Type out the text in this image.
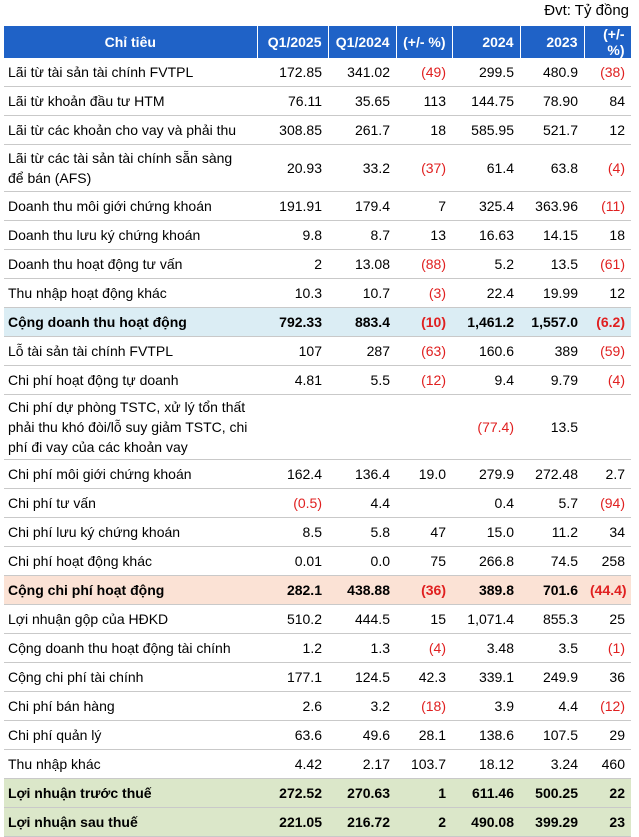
Đvt: Tỷ đồng
Chỉ tiêu	Q1/2025	Q1/2024	(+/- %)	2024	2023	(+/- %)
Lãi từ tài sản tài chính FVTPL	172.85	341.02	(49)	299.5	480.9	(38)
Lãi từ khoản đầu tư HTM	76.11	35.65	113	144.75	78.90	84
Lãi từ các khoản cho vay và phải thu	308.85	261.7	18	585.95	521.7	12
Lãi từ các tài sản tài chính sẵn sàng để bán (AFS)	20.93	33.2	(37)	61.4	63.8	(4)
Doanh thu môi giới chứng khoán	191.91	179.4	7	325.4	363.96	(11)
Doanh thu lưu ký chứng khoán	9.8	8.7	13	16.63	14.15	18
Doanh thu hoạt động tư vấn	2	13.08	(88)	5.2	13.5	(61)
Thu nhập hoạt động khác	10.3	10.7	(3)	22.4	19.99	12
Cộng doanh thu hoạt động	792.33	883.4	(10)	1,461.2	1,557.0	(6.2)
Lỗ tài sản tài chính FVTPL	107	287	(63)	160.6	389	(59)
Chi phí hoạt động tự doanh	4.81	5.5	(12)	9.4	9.79	(4)
Chi phí dự phòng TSTC, xử lý tổn thất phải thu khó đòi/lỗ suy giảm TSTC, chi phí đi vay của các khoản vay				(77.4)	13.5	
Chi phí môi giới chứng khoán	162.4	136.4	19.0	279.9	272.48	2.7
Chi phí tư vấn	(0.5)	4.4		0.4	5.7	(94)
Chi phí lưu ký chứng khoán	8.5	5.8	47	15.0	11.2	34
Chi phí hoạt động khác	0.01	0.0	75	266.8	74.5	258
Cộng chi phí hoạt động	282.1	438.88	(36)	389.8	701.6	(44.4)
Lợi nhuận gộp của HĐKD	510.2	444.5	15	1,071.4	855.3	25
Cộng doanh thu hoạt động tài chính	1.2	1.3	(4)	3.48	3.5	(1)
Cộng chi phí tài chính	177.1	124.5	42.3	339.1	249.9	36
Chi phí bán hàng	2.6	3.2	(18)	3.9	4.4	(12)
Chi phí quản lý	63.6	49.6	28.1	138.6	107.5	29
Thu nhập khác	4.42	2.17	103.7	18.12	3.24	460
Lợi nhuận trước thuế	272.52	270.63	1	611.46	500.25	22
Lợi nhuận sau thuế	221.05	216.72	2	490.08	399.29	23
